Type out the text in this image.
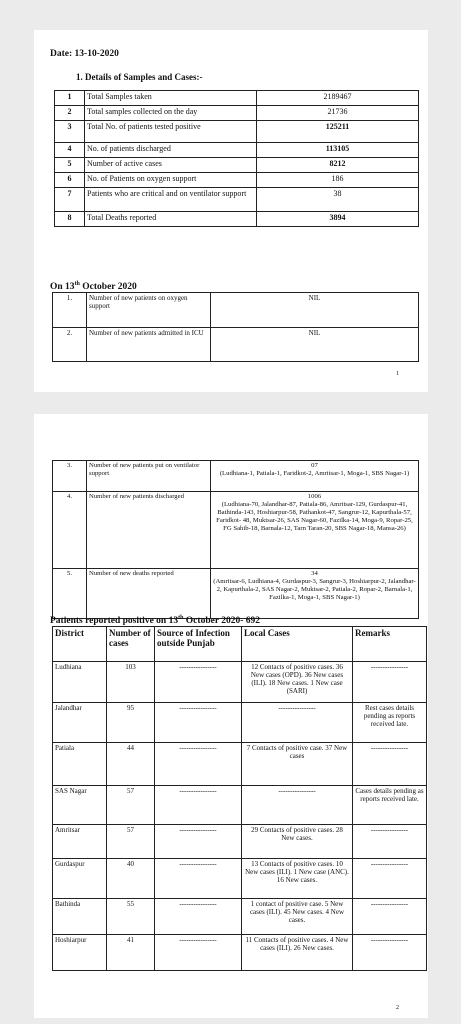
Date: 13-10-2020
1. Details of Samples and Cases:-
1	Total Samples taken	2189467
2	Total samples collected on the day	21736
3	Total No. of patients tested positive	125211
4	No. of patients discharged	113105
5	Number of active cases	8212
6	No. of Patients on oxygen support	186
7	Patients who are critical and on ventilator support	38
8	Total Deaths reported	3894
On 13th October 2020
1.	Number of new patients on oxygen support	NIL
2.	Number of new patients admitted in ICU	NIL
1
3.	Number of new patients put on ventilator support	07
(Ludhiana-1, Patiala-1, Faridkot-2, Amritsar-1, Moga-1, SBS Nagar-1)

4.	Number of new patients discharged	1006
(Ludhiana-70, Jalandhar-87, Patiala-86, Amritsar-129, Gurdaspur-41, Bathinda-143, Hoshiarpur-58, Pathankot-47, Sangrur-12, Kapurthala-57, Faridkot- 48, Muktsar-26, SAS Nagar-60, Fazilka-14, Moga-9, Ropar-25, FG Sahib-18, Barnala-12, Tarn Taran-20, SBS Nagar-18, Mansa-26)

5.	Number of new deaths reported	34
(Amritsar-6, Ludhiana-4, Gurdaspur-3, Sangrur-3, Hoshiarpur-2, Jalandhar-2, Kapurthala-2, SAS Nagar-2, Muktsar-2, Patiala-2, Ropar-2, Barnala-1, Fazilka-1, Moga-1, SBS Nagar-1)
Patients reported positive on 13th October 2020- 692
District	Number of cases	Source of Infection outside Punjab	Local Cases	Remarks
Ludhiana	103	----------------	12 Contacts of positive cases. 36 New cases (OPD). 36 New cases (ILI). 18 New cases. 1 New case (SARI)	----------------
Jalandhar	95	----------------	----------------	Rest cases details pending as reports received late.
Patiala	44	----------------	7 Contacts of positive case. 37 New cases	----------------
SAS Nagar	57	----------------	----------------	Cases details pending as reports received late.
Amritsar	57	----------------	29 Contacts of positive cases. 28 New cases.	----------------
Gurdaspur	40	----------------	13 Contacts of positive cases. 10 New cases (ILI). 1 New case (ANC). 16 New cases.	----------------
Bathinda	55	----------------	1 contact of positive case. 5 New cases (ILI). 45 New cases. 4 New cases.	----------------
Hoshiarpur	41	----------------	11 Contacts of positive cases. 4 New cases (ILI). 26 New cases.	----------------
2
